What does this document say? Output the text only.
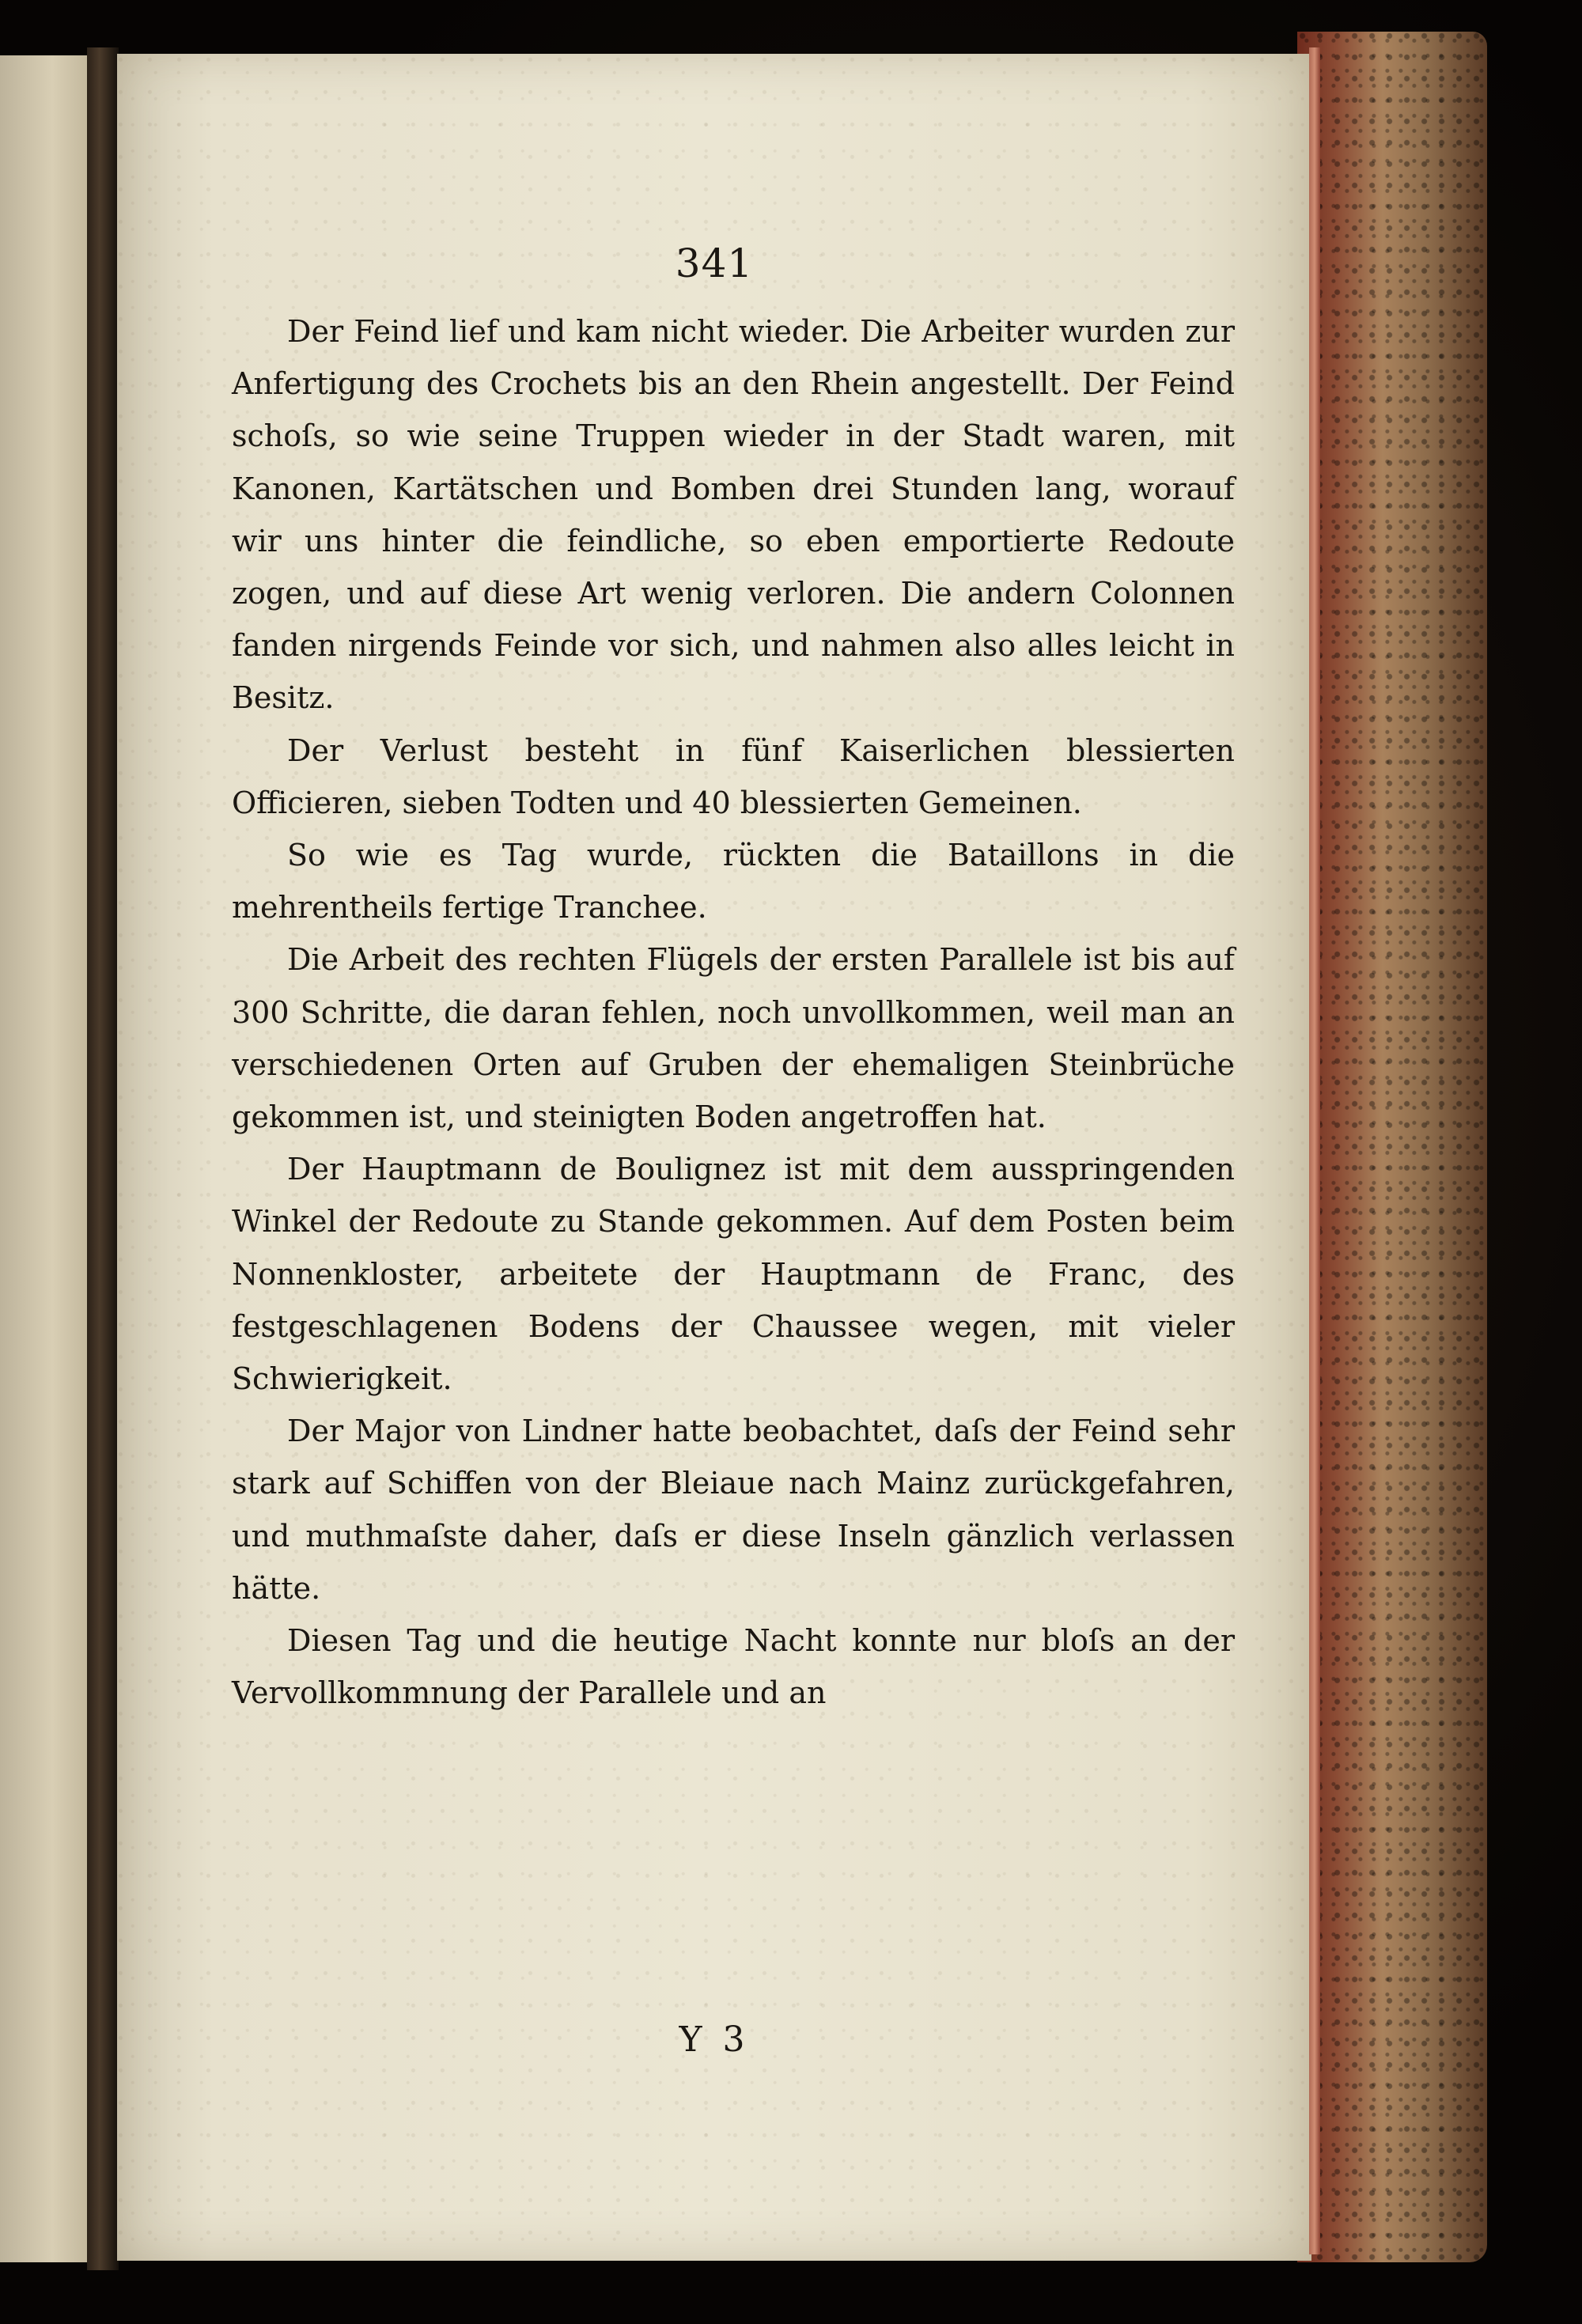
341

Der Feind lief und kam nicht wieder. Die Arbeiter wurden zur Anfertigung des Crochets bis an den Rhein angestellt. Der Feind schoſs, so wie seine Truppen wieder in der Stadt waren, mit Kanonen, Kartätschen und Bomben drei Stunden lang, worauf wir uns hinter die feindliche, so eben emportierte Redoute zogen, und auf diese Art wenig verloren. Die andern Colonnen fanden nirgends Feinde vor sich, und nahmen also alles leicht in Besitz.

Der Verlust besteht in fünf Kaiserlichen blessierten Officieren, sieben Todten und 40 blessierten Gemeinen.

So wie es Tag wurde, rückten die Bataillons in die mehrentheils fertige Tranchee.

Die Arbeit des rechten Flügels der ersten Parallele ist bis auf 300 Schritte, die daran fehlen, noch unvollkommen, weil man an verschiedenen Orten auf Gruben der ehemaligen Steinbrüche gekommen ist, und steinigten Boden angetroffen hat.

Der Hauptmann de Boulignez ist mit dem ausspringenden Winkel der Redoute zu Stande gekommen. Auf dem Posten beim Nonnenkloster, arbeitete der Hauptmann de Franc, des festgeschlagenen Bodens der Chaussee wegen, mit vieler Schwierigkeit.

Der Major von Lindner hatte beobachtet, daſs der Feind sehr stark auf Schiffen von der Bleiaue nach Mainz zurückgefahren, und muthmaſste daher, daſs er diese Inseln gänzlich verlassen hätte.

Diesen Tag und die heutige Nacht konnte nur bloſs an der Vervollkommnung der Parallele und an

Y 3
